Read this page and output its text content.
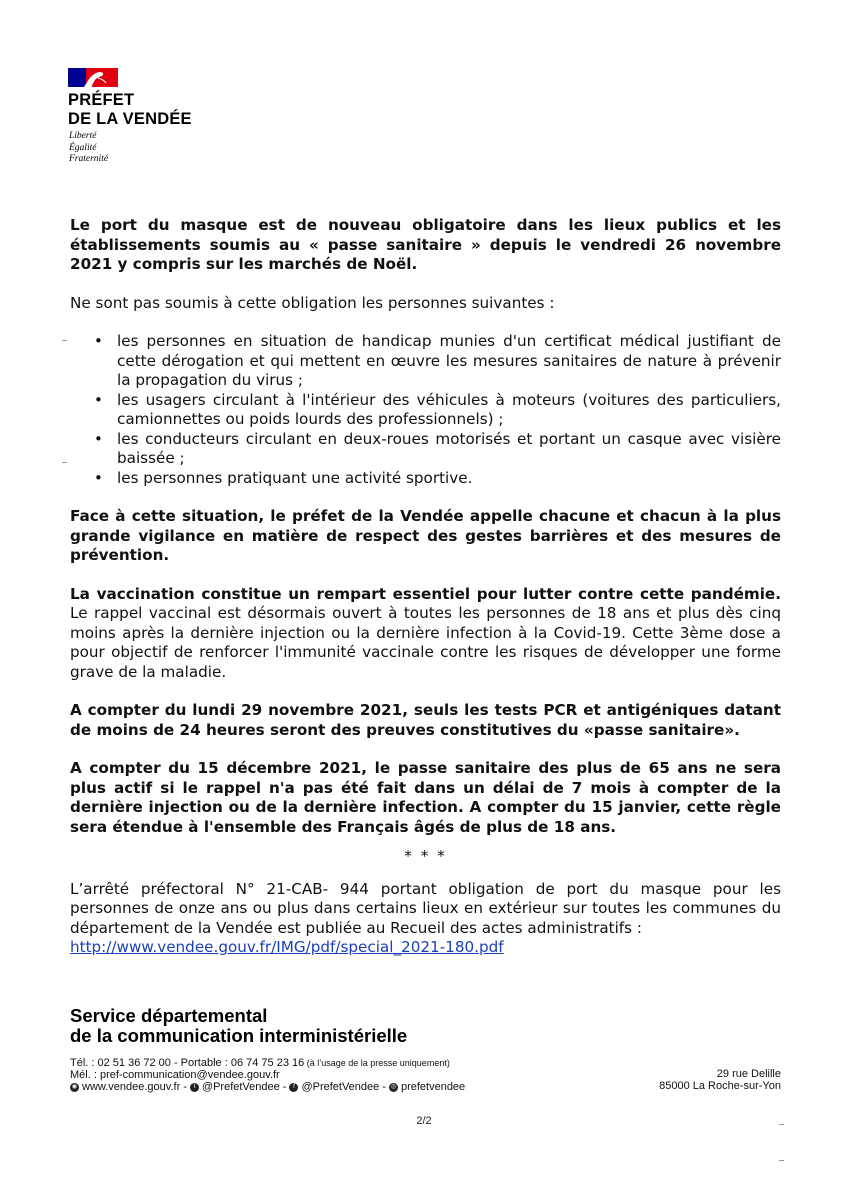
PRÉFET
DE LA VENDÉE
Liberté
Égalité
Fraternité

Le port du masque est de nouveau obligatoire dans les lieux publics et les établissements soumis au « passe sanitaire » depuis le vendredi 26 novembre 2021 y compris sur les marchés de Noël.

Ne sont pas soumis à cette obligation les personnes suivantes :

• les personnes en situation de handicap munies d'un certificat médical justifiant de cette dérogation et qui mettent en œuvre les mesures sanitaires de nature à prévenir la propagation du virus ;
• les usagers circulant à l'intérieur des véhicules à moteurs (voitures des particuliers, camionnettes ou poids lourds des professionnels) ;
• les conducteurs circulant en deux-roues motorisés et portant un casque avec visière baissée ;
• les personnes pratiquant une activité sportive.

Face à cette situation, le préfet de la Vendée appelle chacune et chacun à la plus grande vigilance en matière de respect des gestes barrières et des mesures de prévention.

La vaccination constitue un rempart essentiel pour lutter contre cette pandémie. Le rappel vaccinal est désormais ouvert à toutes les personnes de 18 ans et plus dès cinq moins après la dernière injection ou la dernière infection à la Covid-19. Cette 3ème dose a pour objectif de renforcer l'immunité vaccinale contre les risques de développer une forme grave de la maladie.

A compter du lundi 29 novembre 2021, seuls les tests PCR et antigéniques datant de moins de 24 heures seront des preuves constitutives du «passe sanitaire».

A compter du 15 décembre 2021, le passe sanitaire des plus de 65 ans ne sera plus actif si le rappel n'a pas été fait dans un délai de 7 mois à compter de la dernière injection ou de la dernière infection. A compter du 15 janvier, cette règle sera étendue à l'ensemble des Français âgés de plus de 18 ans.

* * *

L’arrêté préfectoral N° 21-CAB- 944 portant obligation de port du masque pour les personnes de onze ans ou plus dans certains lieux en extérieur sur toutes les communes du département de la Vendée est publiée au Recueil des actes administratifs :

http://www.vendee.gouv.fr/IMG/pdf/special_2021-180.pdf

Service départemental
de la communication interministérielle
Tél. : 02 51 36 72 00 - Portable : 06 74 75 23 16 (à l’usage de la presse uniquement)
Mél. : pref-communication@vendee.gouv.fr
◉ www.vendee.gouv.fr -	t @PrefetVendee -	f @PrefetVendee - ◎ prefetvendee
29 rue Delille
85000 La Roche-sur-Yon
2/2
